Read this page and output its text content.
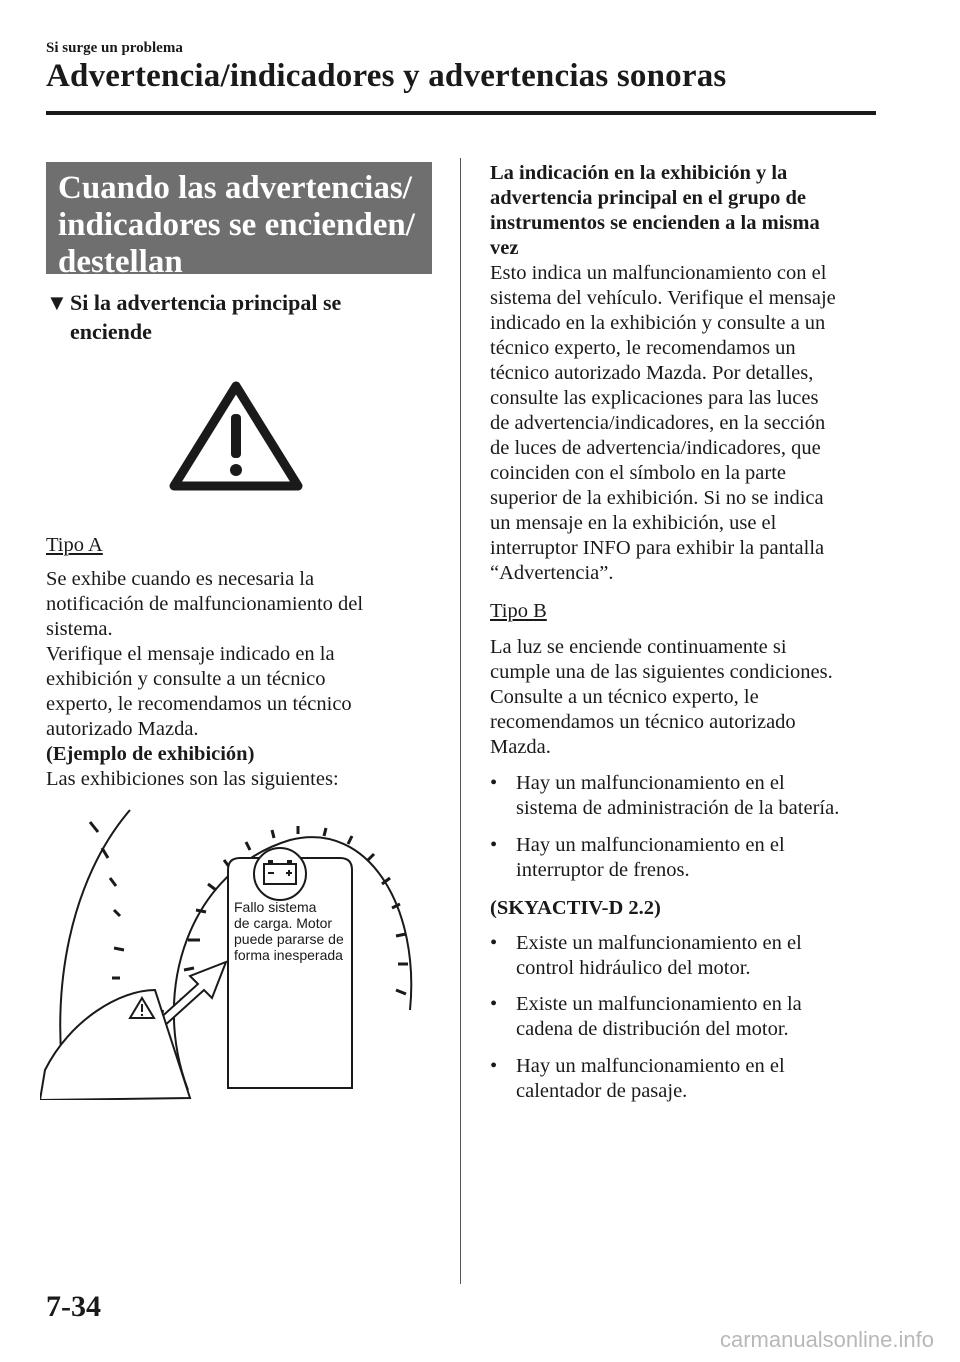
Si surge un problema
Advertencia/indicadores y advertencias sonoras
Cuando las advertencias/
indicadores se encienden/
destellan
▼ Si la advertencia principal se
enciende
Tipo A
Se exhibe cuando es necesaria la
notificación de malfuncionamiento del
sistema.
Verifique el mensaje indicado en la
exhibición y consulte a un técnico
experto, le recomendamos un técnico
autorizado Mazda.
(Ejemplo de exhibición)
Las exhibiciones son las siguientes:
Fallo sistema
de carga. Motor
puede pararse de
forma inesperada
La indicación en la exhibición y la
advertencia principal en el grupo de
instrumentos se encienden a la misma
vez
Esto indica un malfuncionamiento con el
sistema del vehículo. Verifique el mensaje
indicado en la exhibición y consulte a un
técnico experto, le recomendamos un
técnico autorizado Mazda. Por detalles,
consulte las explicaciones para las luces
de advertencia/indicadores, en la sección
de luces de advertencia/indicadores, que
coinciden con el símbolo en la parte
superior de la exhibición. Si no se indica
un mensaje en la exhibición, use el
interruptor INFO para exhibir la pantalla
“Advertencia”.
Tipo B
La luz se enciende continuamente si
cumple una de las siguientes condiciones.
Consulte a un técnico experto, le
recomendamos un técnico autorizado
Mazda.
• Hay un malfuncionamiento en el
sistema de administración de la batería.
• Hay un malfuncionamiento en el
interruptor de frenos.
(SKYACTIV-D 2.2)
• Existe un malfuncionamiento en el
control hidráulico del motor.
• Existe un malfuncionamiento en la
cadena de distribución del motor.
• Hay un malfuncionamiento en el
calentador de pasaje.
7-34
carmanualsonline.info
